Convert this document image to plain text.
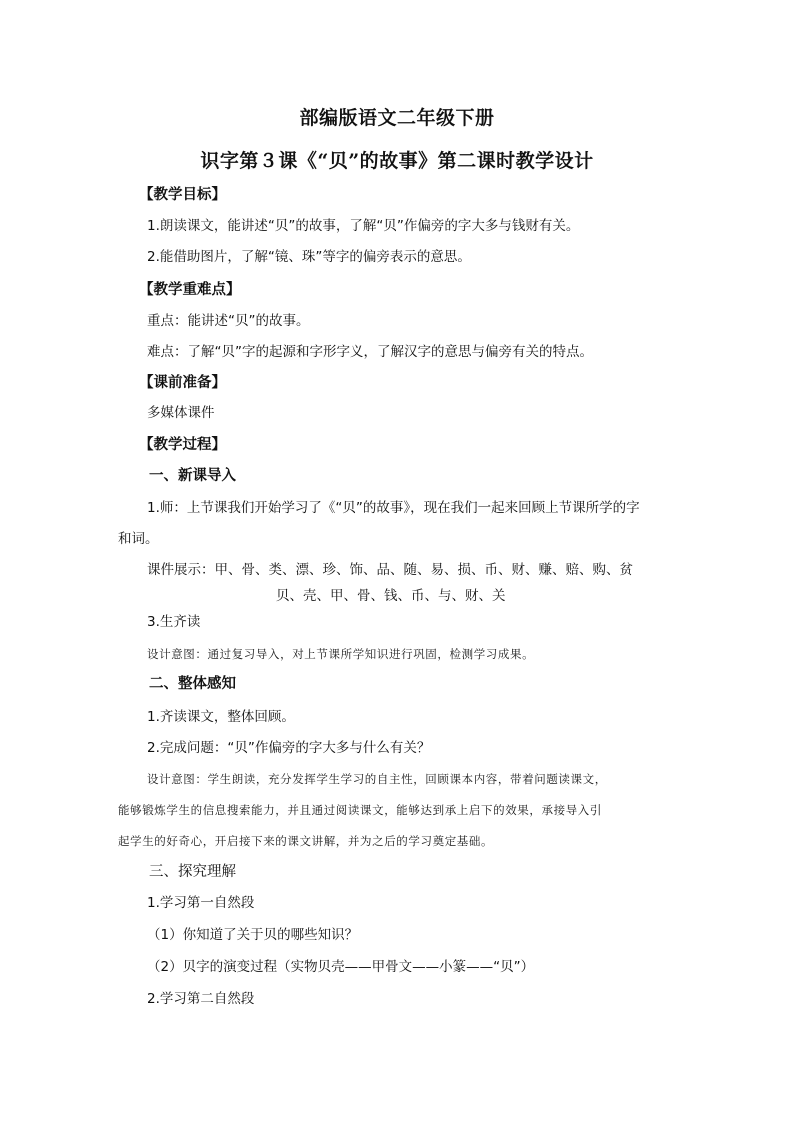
部编版语文二年级下册
识字第３课《“贝”的故事》第二课时教学设计
【教学目标】
1.朗读课文，能讲述“贝”的故事，了解“贝”作偏旁的字大多与钱财有关。
2.能借助图片，了解“镜、珠”等字的偏旁表示的意思。
【教学重难点】
重点：能讲述“贝”的故事。
难点：了解“贝”字的起源和字形字义，了解汉字的意思与偏旁有关的特点。
【课前准备】
多媒体课件
【教学过程】
一、新课导入
1.师：上节课我们开始学习了《“贝”的故事》，现在我们一起来回顾上节课所学的字
和词。
课件展示：甲、骨、类、漂、珍、饰、品、随、易、损、币、财、赚、赔、购、贫
贝、壳、甲、骨、钱、币、与、财、关
3.生齐读
设计意图：通过复习导入，对上节课所学知识进行巩固，检测学习成果。
二、整体感知
1.齐读课文，整体回顾。
2.完成问题：“贝”作偏旁的字大多与什么有关？
设计意图：学生朗读，充分发挥学生学习的自主性，回顾课本内容，带着问题读课文，
能够锻炼学生的信息搜索能力，并且通过阅读课文，能够达到承上启下的效果，承接导入引
起学生的好奇心，开启接下来的课文讲解，并为之后的学习奠定基础。
三、探究理解
1.学习第一自然段
（1）你知道了关于贝的哪些知识？
（2）贝字的演变过程（实物贝壳——甲骨文——小篆——“贝”）
2.学习第二自然段
